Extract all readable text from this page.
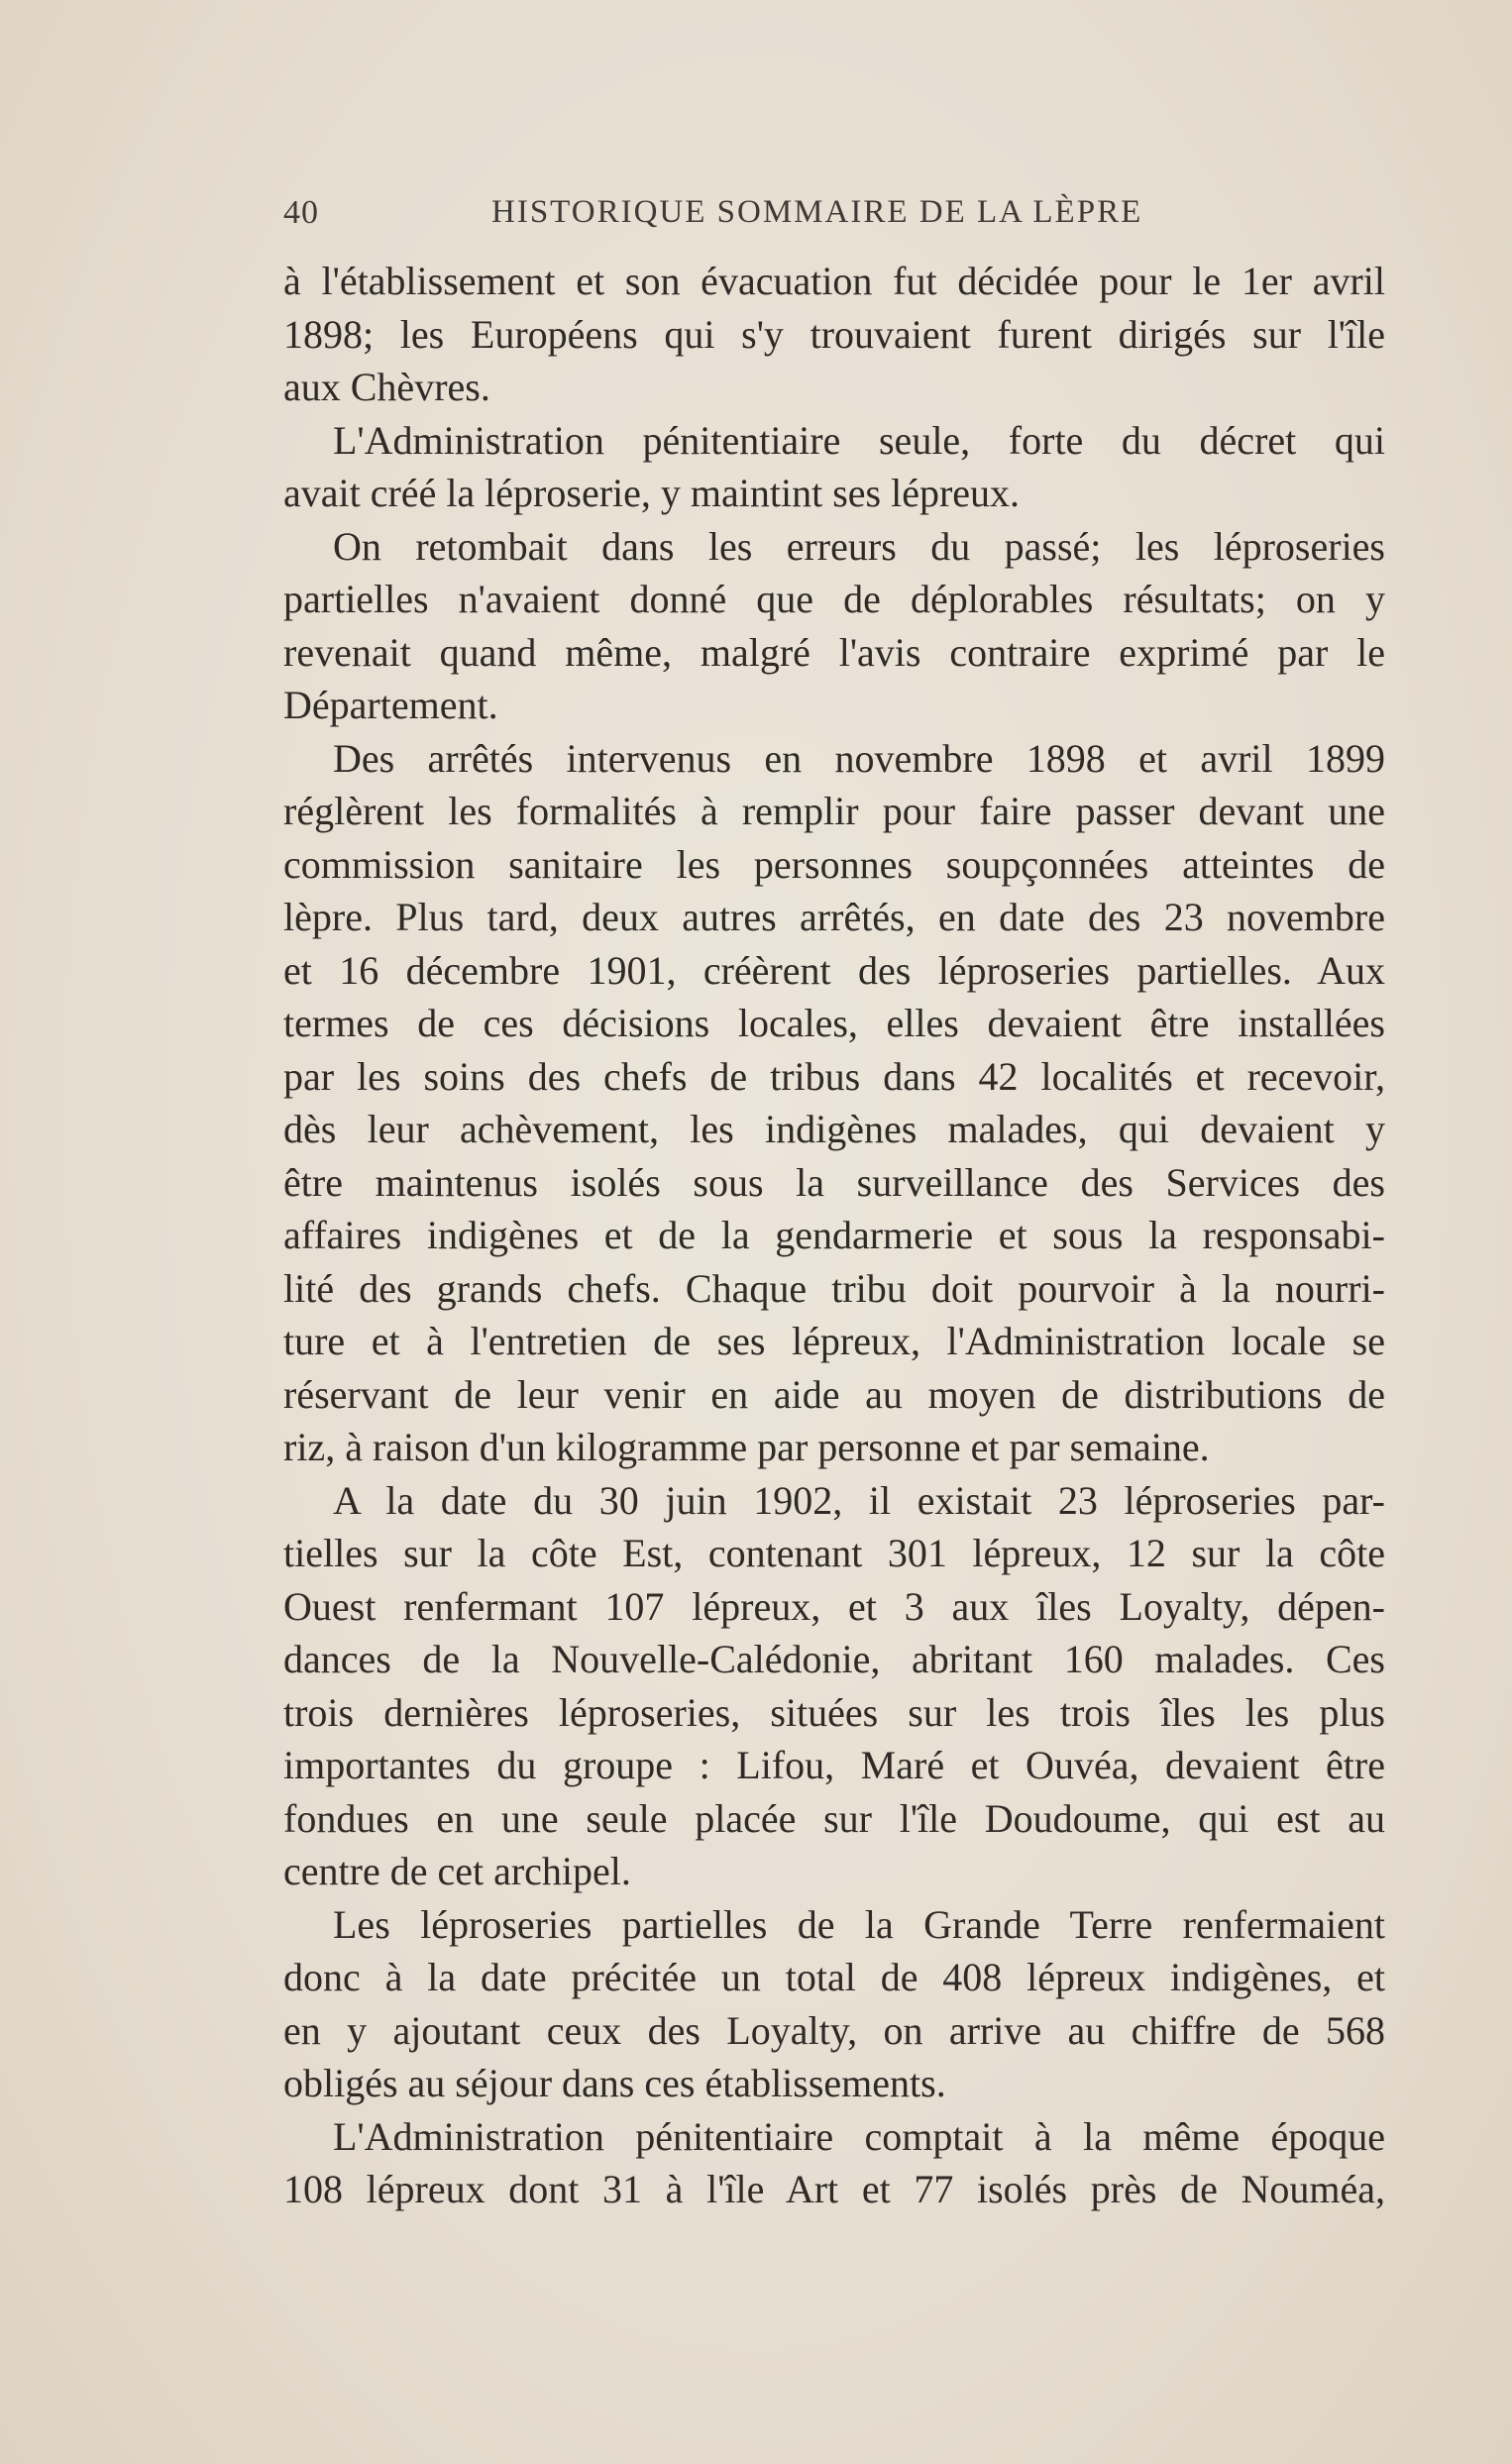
40	HISTORIQUE SOMMAIRE DE LA LÈPRE
à l'établissement et son évacuation fut décidée pour le 1er avril
1898; les Européens qui s'y trouvaient furent dirigés sur l'île
aux Chèvres.
L'Administration pénitentiaire seule, forte du décret qui
avait créé la léproserie, y maintint ses lépreux.
On retombait dans les erreurs du passé; les léproseries
partielles n'avaient donné que de déplorables résultats; on y
revenait quand même, malgré l'avis contraire exprimé par le
Département.
Des arrêtés intervenus en novembre 1898 et avril 1899
réglèrent les formalités à remplir pour faire passer devant une
commission sanitaire les personnes soupçonnées atteintes de
lèpre. Plus tard, deux autres arrêtés, en date des 23 novembre
et 16 décembre 1901, créèrent des léproseries partielles. Aux
termes de ces décisions locales, elles devaient être installées
par les soins des chefs de tribus dans 42 localités et recevoir,
dès leur achèvement, les indigènes malades, qui devaient y
être maintenus isolés sous la surveillance des Services des
affaires indigènes et de la gendarmerie et sous la responsabi-
lité des grands chefs. Chaque tribu doit pourvoir à la nourri-
ture et à l'entretien de ses lépreux, l'Administration locale se
réservant de leur venir en aide au moyen de distributions de
riz, à raison d'un kilogramme par personne et par semaine.
A la date du 30 juin 1902, il existait 23 léproseries par-
tielles sur la côte Est, contenant 301 lépreux, 12 sur la côte
Ouest renfermant 107 lépreux, et 3 aux îles Loyalty, dépen-
dances de la Nouvelle-Calédonie, abritant 160 malades. Ces
trois dernières léproseries, situées sur les trois îles les plus
importantes du groupe : Lifou, Maré et Ouvéa, devaient être
fondues en une seule placée sur l'île Doudoume, qui est au
centre de cet archipel.
Les léproseries partielles de la Grande Terre renfermaient
donc à la date précitée un total de 408 lépreux indigènes, et
en y ajoutant ceux des Loyalty, on arrive au chiffre de 568
obligés au séjour dans ces établissements.
L'Administration pénitentiaire comptait à la même époque
108 lépreux dont 31 à l'île Art et 77 isolés près de Nouméa,
